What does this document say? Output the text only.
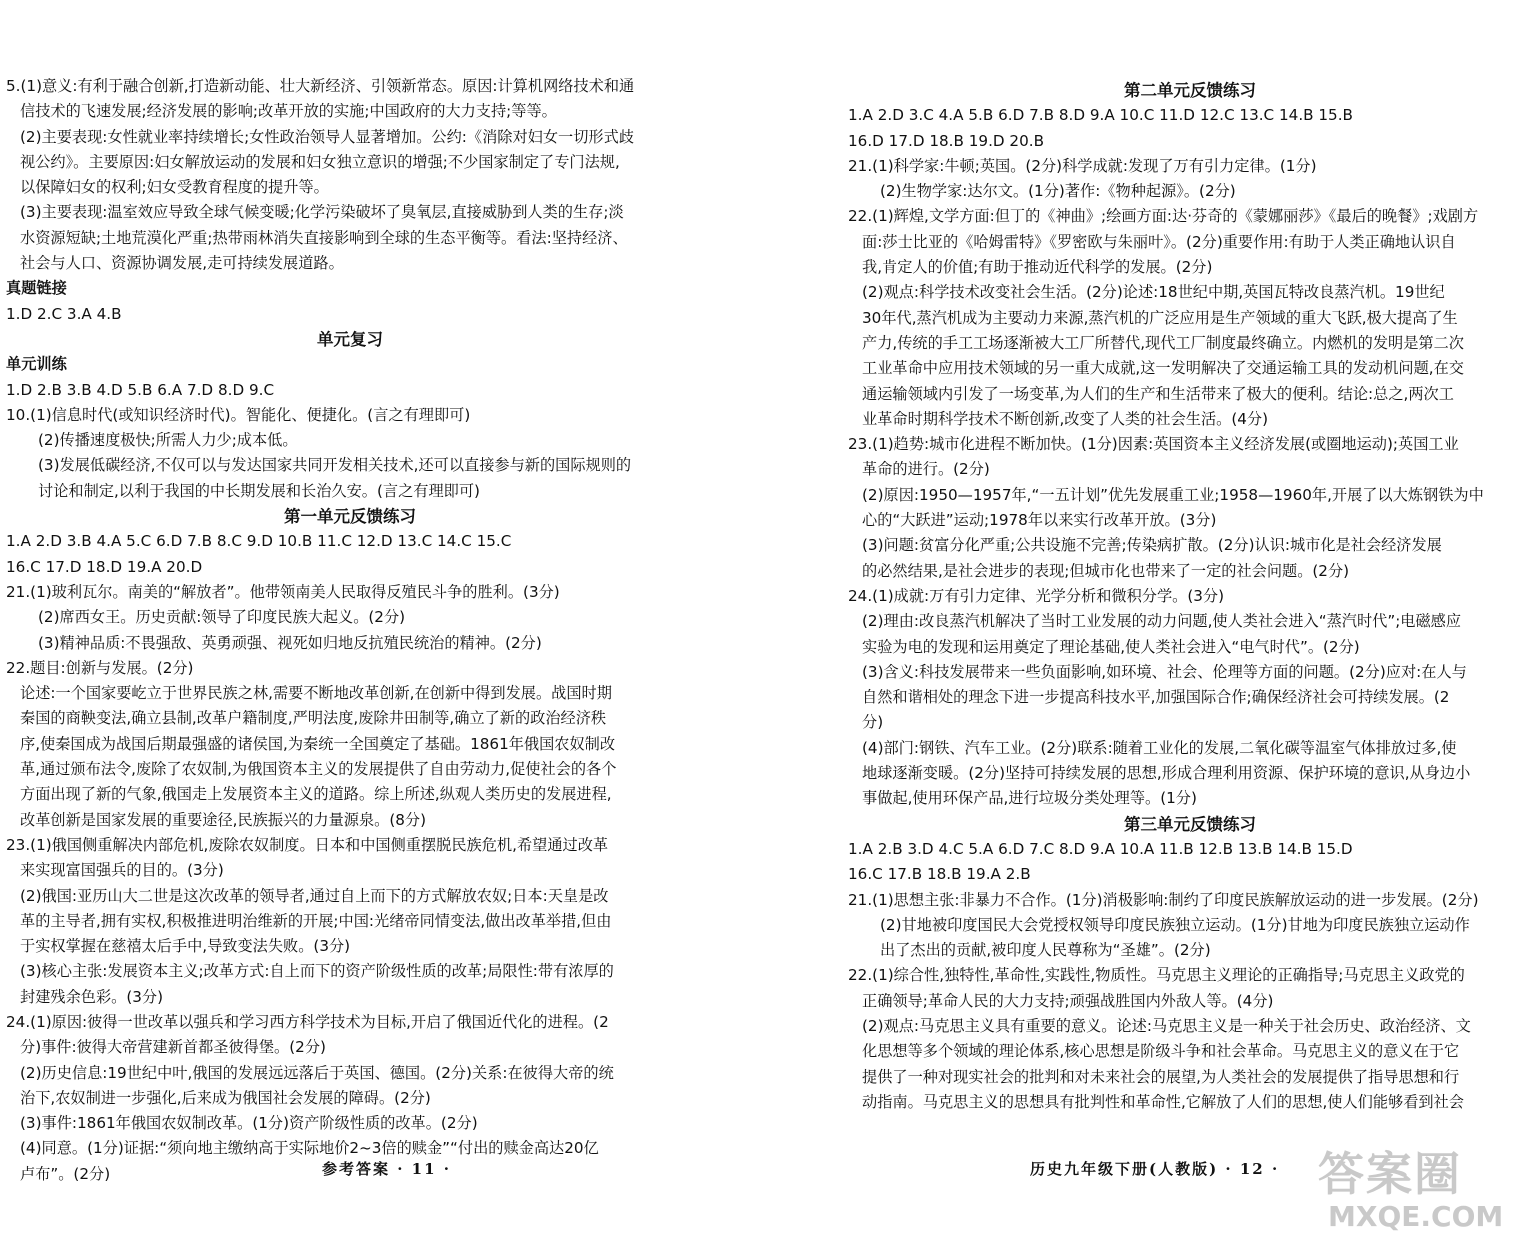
5.(1)意义:有利于融合创新,打造新动能、壮大新经济、引领新常态。原因:计算机网络技术和通
信技术的飞速发展;经济发展的影响;改革开放的实施;中国政府的大力支持;等等。
(2)主要表现:女性就业率持续增长;女性政治领导人显著增加。公约:《消除对妇女一切形式歧
视公约》。主要原因:妇女解放运动的发展和妇女独立意识的增强;不少国家制定了专门法规,
以保障妇女的权利;妇女受教育程度的提升等。
(3)主要表现:温室效应导致全球气候变暖;化学污染破坏了臭氧层,直接威胁到人类的生存;淡
水资源短缺;土地荒漠化严重;热带雨林消失直接影响到全球的生态平衡等。看法:坚持经济、
社会与人口、资源协调发展,走可持续发展道路。
真题链接
1.D 2.C 3.A 4.B
单元复习
单元训练
1.D 2.B 3.B 4.D 5.B 6.A 7.D 8.D 9.C
10.(1)信息时代(或知识经济时代)。智能化、便捷化。(言之有理即可)
(2)传播速度极快;所需人力少;成本低。
(3)发展低碳经济,不仅可以与发达国家共同开发相关技术,还可以直接参与新的国际规则的
讨论和制定,以利于我国的中长期发展和长治久安。(言之有理即可)
第一单元反馈练习
1.A 2.D 3.B 4.A 5.C 6.D 7.B 8.C 9.D 10.B 11.C 12.D 13.C 14.C 15.C
16.C 17.D 18.D 19.A 20.D
21.(1)玻利瓦尔。南美的“解放者”。他带领南美人民取得反殖民斗争的胜利。(3分)
(2)席西女王。历史贡献:领导了印度民族大起义。(2分)
(3)精神品质:不畏强敌、英勇顽强、视死如归地反抗殖民统治的精神。(2分)
22.题目:创新与发展。(2分)
论述:一个国家要屹立于世界民族之林,需要不断地改革创新,在创新中得到发展。战国时期
秦国的商鞅变法,确立县制,改革户籍制度,严明法度,废除井田制等,确立了新的政治经济秩
序,使秦国成为战国后期最强盛的诸侯国,为秦统一全国奠定了基础。1861年俄国农奴制改
革,通过颁布法令,废除了农奴制,为俄国资本主义的发展提供了自由劳动力,促使社会的各个
方面出现了新的气象,俄国走上发展资本主义的道路。综上所述,纵观人类历史的发展进程,
改革创新是国家发展的重要途径,民族振兴的力量源泉。(8分)
23.(1)俄国侧重解决内部危机,废除农奴制度。日本和中国侧重摆脱民族危机,希望通过改革
来实现富国强兵的目的。(3分)
(2)俄国:亚历山大二世是这次改革的领导者,通过自上而下的方式解放农奴;日本:天皇是改
革的主导者,拥有实权,积极推进明治维新的开展;中国:光绪帝同情变法,做出改革举措,但由
于实权掌握在慈禧太后手中,导致变法失败。(3分)
(3)核心主张:发展资本主义;改革方式:自上而下的资产阶级性质的改革;局限性:带有浓厚的
封建残余色彩。(3分)
24.(1)原因:彼得一世改革以强兵和学习西方科学技术为目标,开启了俄国近代化的进程。(2
分)事件:彼得大帝营建新首都圣彼得堡。(2分)
(2)历史信息:19世纪中叶,俄国的发展远远落后于英国、德国。(2分)关系:在彼得大帝的统
治下,农奴制进一步强化,后来成为俄国社会发展的障碍。(2分)
(3)事件:1861年俄国农奴制改革。(1分)资产阶级性质的改革。(2分)
(4)同意。(1分)证据:“须向地主缴纳高于实际地价2~3倍的赎金”“付出的赎金高达20亿
卢布”。(2分)
第二单元反馈练习
1.A 2.D 3.C 4.A 5.B 6.D 7.B 8.D 9.A 10.C 11.D 12.C 13.C 14.B 15.B
16.D 17.D 18.B 19.D 20.B
21.(1)科学家:牛顿;英国。(2分)科学成就:发现了万有引力定律。(1分)
(2)生物学家:达尔文。(1分)著作:《物种起源》。(2分)
22.(1)辉煌,文学方面:但丁的《神曲》;绘画方面:达·芬奇的《蒙娜丽莎》《最后的晚餐》;戏剧方
面:莎士比亚的《哈姆雷特》《罗密欧与朱丽叶》。(2分)重要作用:有助于人类正确地认识自
我,肯定人的价值;有助于推动近代科学的发展。(2分)
(2)观点:科学技术改变社会生活。(2分)论述:18世纪中期,英国瓦特改良蒸汽机。19世纪
30年代,蒸汽机成为主要动力来源,蒸汽机的广泛应用是生产领域的重大飞跃,极大提高了生
产力,传统的手工工场逐渐被大工厂所替代,现代工厂制度最终确立。内燃机的发明是第二次
工业革命中应用技术领域的另一重大成就,这一发明解决了交通运输工具的发动机问题,在交
通运输领域内引发了一场变革,为人们的生产和生活带来了极大的便利。结论:总之,两次工
业革命时期科学技术不断创新,改变了人类的社会生活。(4分)
23.(1)趋势:城市化进程不断加快。(1分)因素:英国资本主义经济发展(或圈地运动);英国工业
革命的进行。(2分)
(2)原因:1950—1957年,“一五计划”优先发展重工业;1958—1960年,开展了以大炼钢铁为中
心的“大跃进”运动;1978年以来实行改革开放。(3分)
(3)问题:贫富分化严重;公共设施不完善;传染病扩散。(2分)认识:城市化是社会经济发展
的必然结果,是社会进步的表现;但城市化也带来了一定的社会问题。(2分)
24.(1)成就:万有引力定律、光学分析和微积分学。(3分)
(2)理由:改良蒸汽机解决了当时工业发展的动力问题,使人类社会进入“蒸汽时代”;电磁感应
实验为电的发现和运用奠定了理论基础,使人类社会进入“电气时代”。(2分)
(3)含义:科技发展带来一些负面影响,如环境、社会、伦理等方面的问题。(2分)应对:在人与
自然和谐相处的理念下进一步提高科技水平,加强国际合作;确保经济社会可持续发展。(2
分)
(4)部门:钢铁、汽车工业。(2分)联系:随着工业化的发展,二氧化碳等温室气体排放过多,使
地球逐渐变暖。(2分)坚持可持续发展的思想,形成合理利用资源、保护环境的意识,从身边小
事做起,使用环保产品,进行垃圾分类处理等。(1分)
第三单元反馈练习
1.A 2.B 3.D 4.C 5.A 6.D 7.C 8.D 9.A 10.A 11.B 12.B 13.B 14.B 15.D
16.C 17.B 18.B 19.A 2.B
21.(1)思想主张:非暴力不合作。(1分)消极影响:制约了印度民族解放运动的进一步发展。(2分)
(2)甘地被印度国民大会党授权领导印度民族独立运动。(1分)甘地为印度民族独立运动作
出了杰出的贡献,被印度人民尊称为“圣雄”。(2分)
22.(1)综合性,独特性,革命性,实践性,物质性。马克思主义理论的正确指导;马克思主义政党的
正确领导;革命人民的大力支持;顽强战胜国内外敌人等。(4分)
(2)观点:马克思主义具有重要的意义。论述:马克思主义是一种关于社会历史、政治经济、文
化思想等多个领域的理论体系,核心思想是阶级斗争和社会革命。马克思主义的意义在于它
提供了一种对现实社会的批判和对未来社会的展望,为人类社会的发展提供了指导思想和行
动指南。马克思主义的思想具有批判性和革命性,它解放了人们的思想,使人们能够看到社会
参考答案 · 11 ·	历史九年级下册(人教版) · 12 · 答案圈
MXQE.COM
